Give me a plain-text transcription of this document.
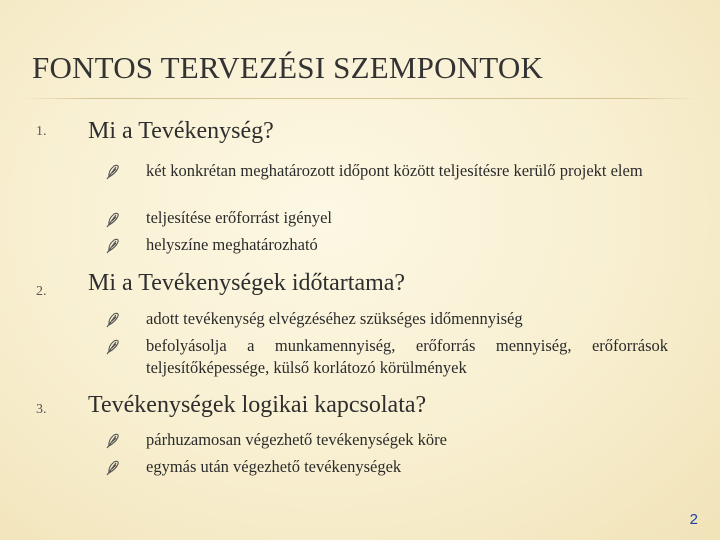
FONTOS TERVEZÉSI SZEMPONTOK
1. Mi a Tevékenység?
két konkrétan meghatározott időpont között teljesítésre kerülő projekt elem
teljesítése erőforrást igényel
helyszíne meghatározható
2. Mi a Tevékenységek időtartama?
adott tevékenység elvégzéséhez szükséges időmennyiség
befolyásolja a munkamennyiség, erőforrás mennyiség, erőforrások teljesítőképessége, külső korlátozó körülmények
3. Tevékenységek logikai kapcsolata?
párhuzamosan végezhető tevékenységek köre
egymás után végezhető tevékenységek
2
